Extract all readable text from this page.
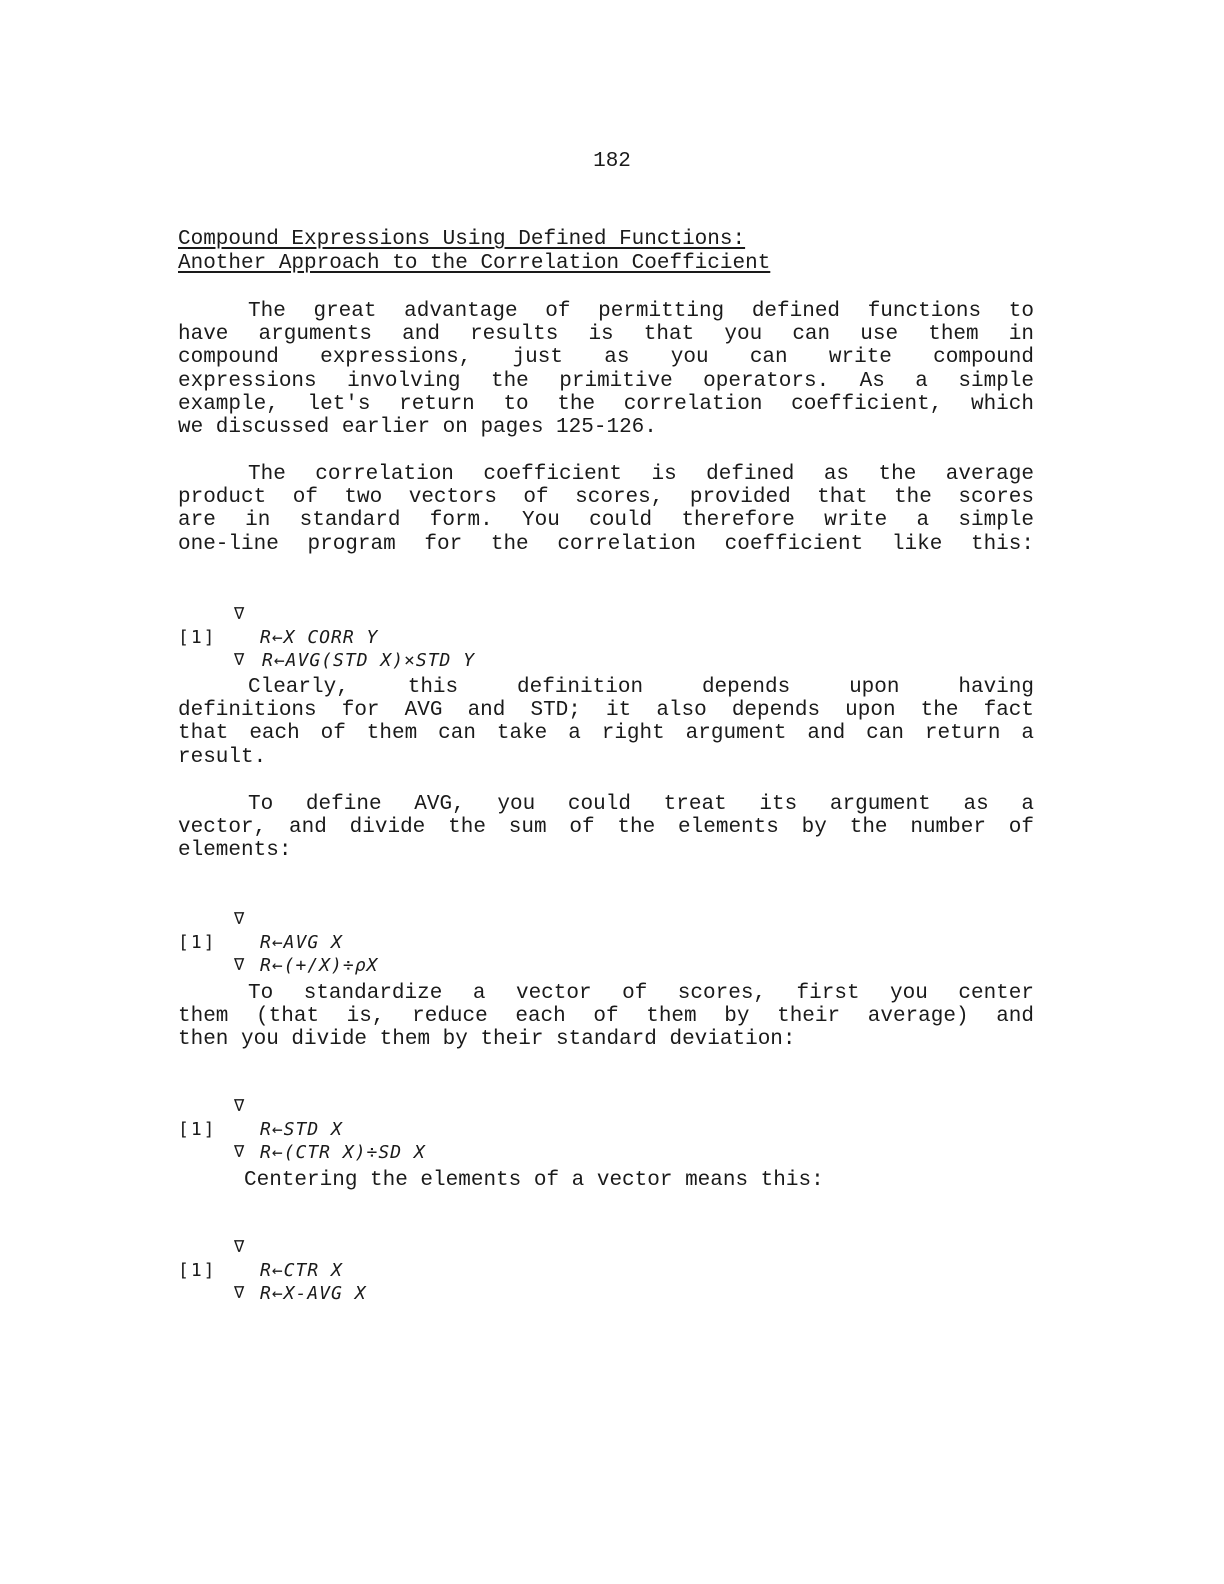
182
Compound Expressions Using Defined Functions:
Another Approach to the Correlation Coefficient
The great advantage of permitting defined functions to
have arguments and results is that you can use them in
compound expressions, just as you can write compound
expressions involving the primitive operators. As a simple
example, let's return to the correlation coefficient, which
we discussed earlier on pages 125-126.
The correlation coefficient is defined as the average
product of two vectors of scores, provided that the scores
are in standard form. You could therefore write a simple
one-line program for the correlation coefficient like this:

∇

R←X CORR Y

[1]

R←AVG(STD X)×STD Y

∇

Clearly, this definition depends upon having
definitions for AVG and STD; it also depends upon the fact
that each of them can take a right argument and can return a
result.
To define AVG, you could treat its argument as a
vector, and divide the sum of the elements by the number of
elements:

∇

R←AVG X

[1]

R←(+/X)÷ρX

∇

To standardize a vector of scores, first you center
them (that is, reduce each of them by their average) and
then you divide them by their standard deviation:

∇

R←STD X

[1]

R←(CTR X)÷SD X

∇

Centering the elements of a vector means this:

∇

R←CTR X

[1]

R←X-AVG X

∇
